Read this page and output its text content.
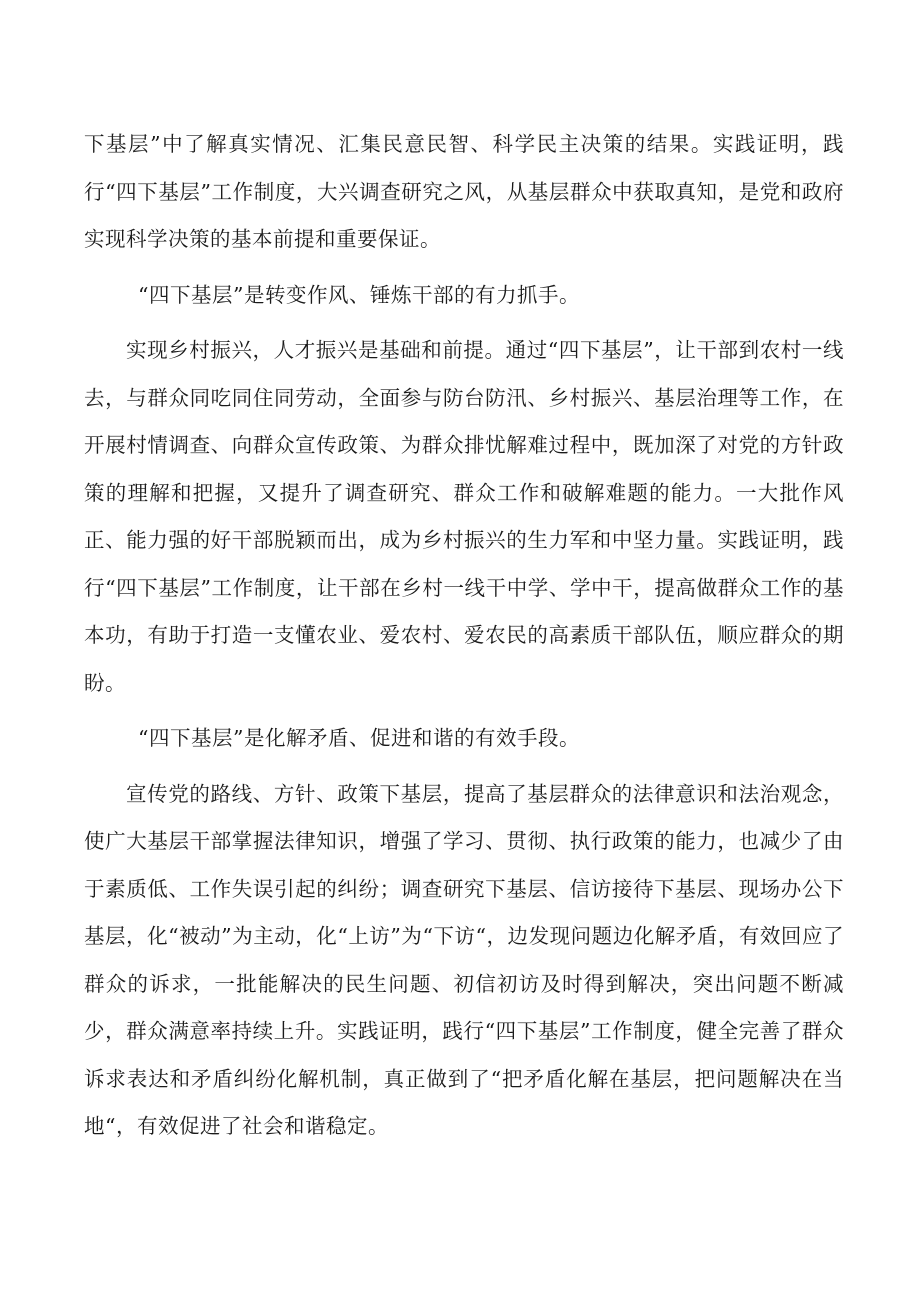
下基层”中了解真实情况、汇集民意民智、科学民主决策的结果。实践证明，践行“四下基层”工作制度，大兴调查研究之风，从基层群众中获取真知，是党和政府实现科学决策的基本前提和重要保证。

“四下基层”是转变作风、锤炼干部的有力抓手。

实现乡村振兴，人才振兴是基础和前提。通过“四下基层”，让干部到农村一线去，与群众同吃同住同劳动，全面参与防台防汛、乡村振兴、基层治理等工作，在开展村情调查、向群众宣传政策、为群众排忧解难过程中，既加深了对党的方针政策的理解和把握，又提升了调查研究、群众工作和破解难题的能力。一大批作风正、能力强的好干部脱颖而出，成为乡村振兴的生力军和中坚力量。实践证明，践行“四下基层”工作制度，让干部在乡村一线干中学、学中干，提高做群众工作的基本功，有助于打造一支懂农业、爱农村、爱农民的高素质干部队伍，顺应群众的期盼。

“四下基层”是化解矛盾、促进和谐的有效手段。

宣传党的路线、方针、政策下基层，提高了基层群众的法律意识和法治观念，使广大基层干部掌握法律知识，增强了学习、贯彻、执行政策的能力，也减少了由于素质低、工作失误引起的纠纷；调查研究下基层、信访接待下基层、现场办公下基层，化“被动”为主动，化“上访”为“下访“，边发现问题边化解矛盾，有效回应了群众的诉求，一批能解决的民生问题、初信初访及时得到解决，突出问题不断减少，群众满意率持续上升。实践证明，践行“四下基层”工作制度，健全完善了群众诉求表达和矛盾纠纷化解机制，真正做到了“把矛盾化解在基层，把问题解决在当地“，有效促进了社会和谐稳定。
